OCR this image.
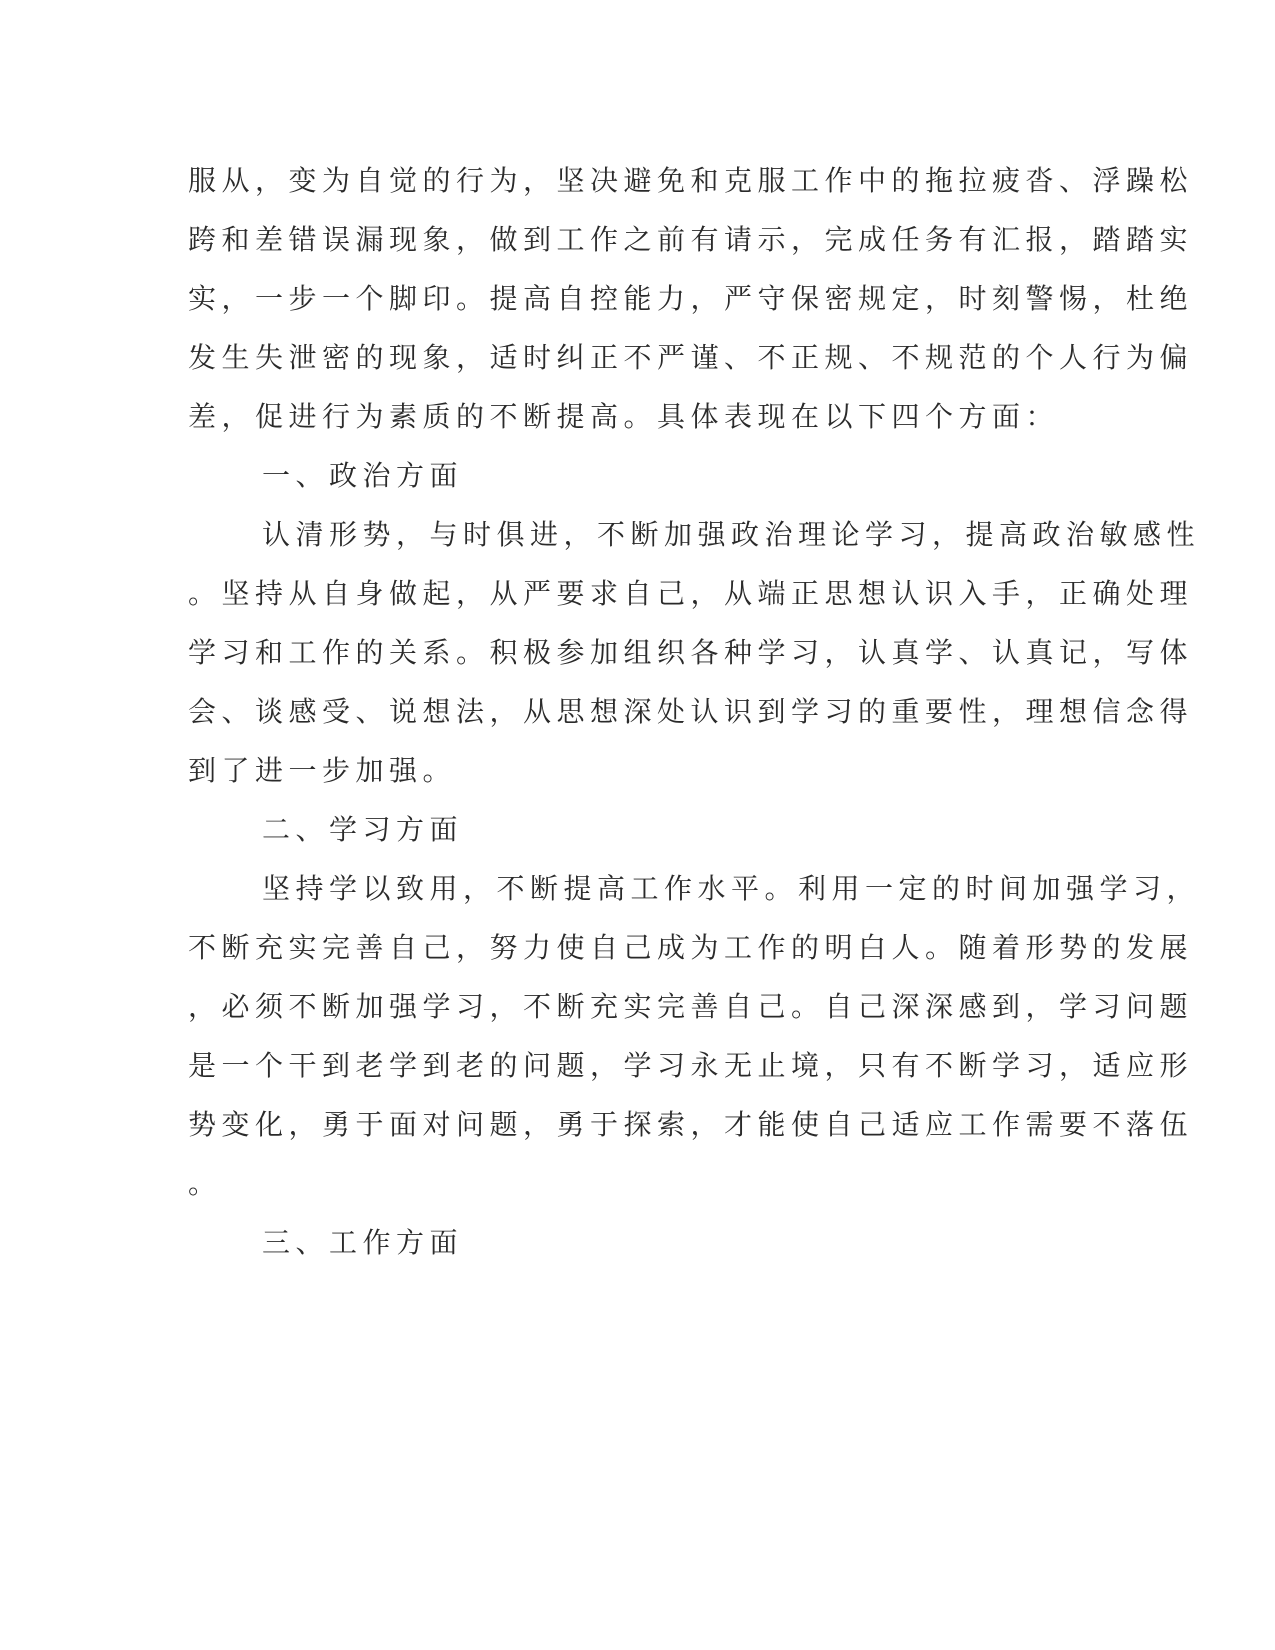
服从，变为自觉的行为，坚决避免和克服工作中的拖拉疲沓、浮躁松
跨和差错误漏现象，做到工作之前有请示，完成任务有汇报，踏踏实
实，一步一个脚印。提高自控能力，严守保密规定，时刻警惕，杜绝
发生失泄密的现象，适时纠正不严谨、不正规、不规范的个人行为偏
差，促进行为素质的不断提高。具体表现在以下四个方面：
一、政治方面
认清形势，与时俱进，不断加强政治理论学习，提高政治敏感性
。坚持从自身做起，从严要求自己，从端正思想认识入手，正确处理
学习和工作的关系。积极参加组织各种学习，认真学、认真记，写体
会、谈感受、说想法，从思想深处认识到学习的重要性，理想信念得
到了进一步加强。
二、学习方面
坚持学以致用，不断提高工作水平。利用一定的时间加强学习，
不断充实完善自己，努力使自己成为工作的明白人。随着形势的发展
，必须不断加强学习，不断充实完善自己。自己深深感到，学习问题
是一个干到老学到老的问题，学习永无止境，只有不断学习，适应形
势变化，勇于面对问题，勇于探索，才能使自己适应工作需要不落伍
。
三、工作方面
